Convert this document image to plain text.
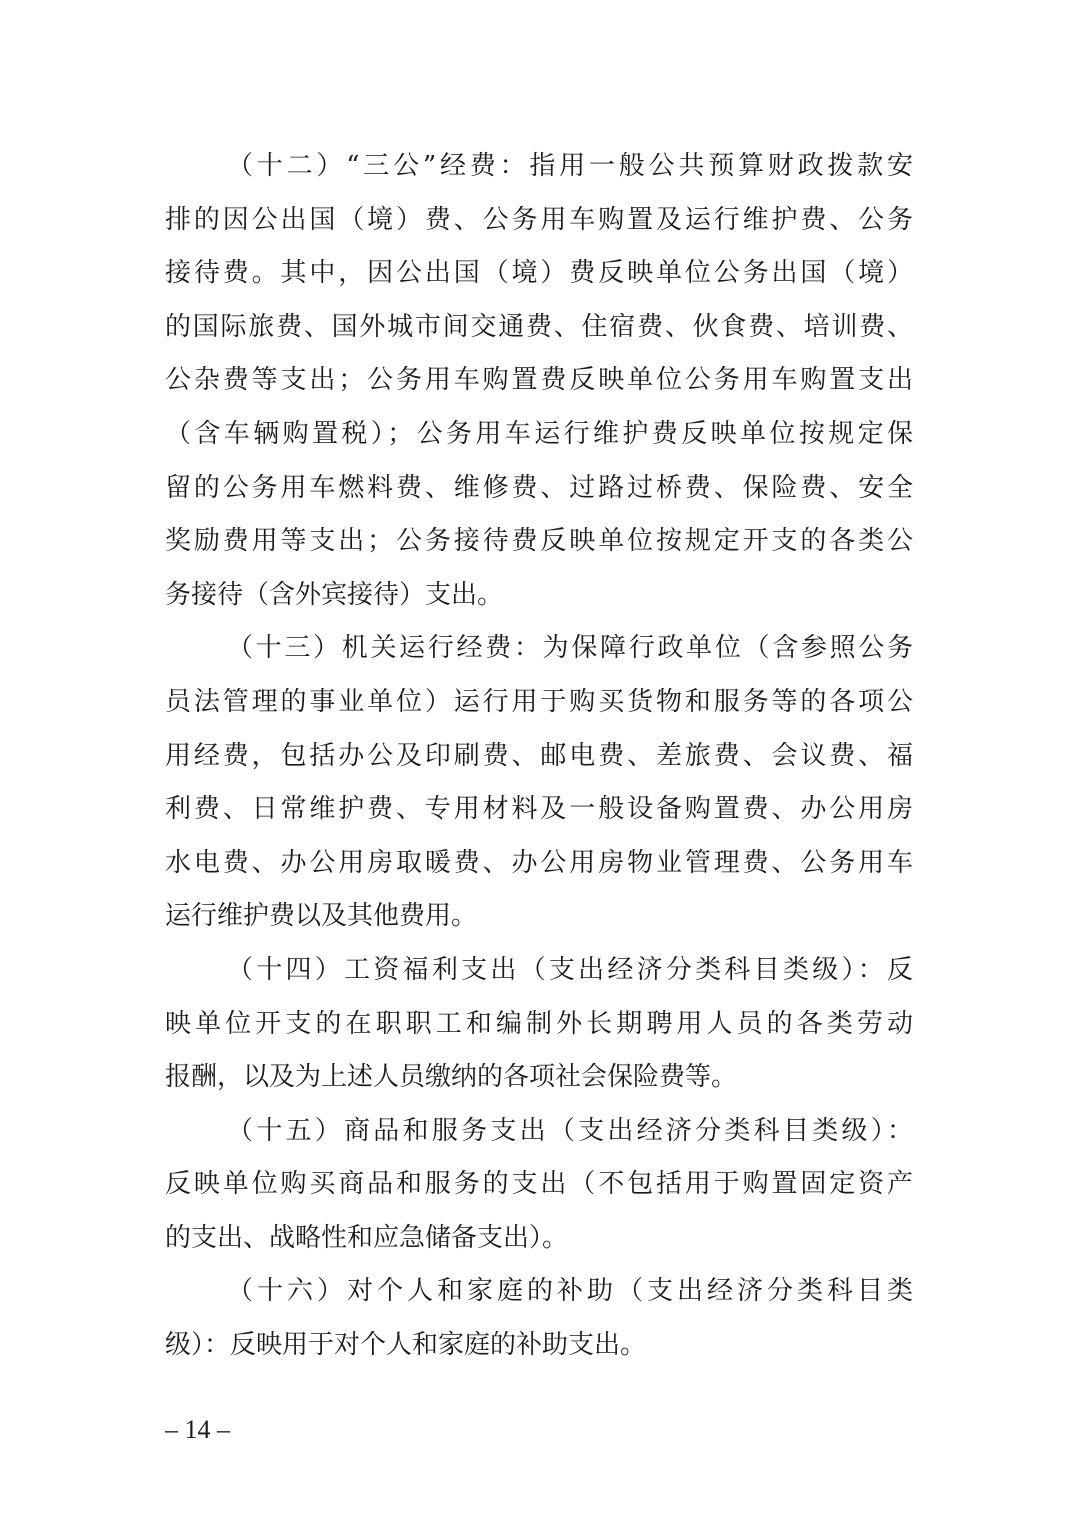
（十二）“三公”经费：指用一般公共预算财政拨款安
排的因公出国（境）费、公务用车购置及运行维护费、公务
接待费。其中，因公出国（境）费反映单位公务出国（境）
的国际旅费、国外城市间交通费、住宿费、伙食费、培训费、
公杂费等支出；公务用车购置费反映单位公务用车购置支出
（含车辆购置税）；公务用车运行维护费反映单位按规定保
留的公务用车燃料费、维修费、过路过桥费、保险费、安全
奖励费用等支出；公务接待费反映单位按规定开支的各类公
务接待（含外宾接待）支出。
（十三）机关运行经费：为保障行政单位（含参照公务
员法管理的事业单位）运行用于购买货物和服务等的各项公
用经费，包括办公及印刷费、邮电费、差旅费、会议费、福
利费、日常维护费、专用材料及一般设备购置费、办公用房
水电费、办公用房取暖费、办公用房物业管理费、公务用车
运行维护费以及其他费用。
（十四）工资福利支出（支出经济分类科目类级）：反
映单位开支的在职职工和编制外长期聘用人员的各类劳动
报酬，以及为上述人员缴纳的各项社会保险费等。
（十五）商品和服务支出（支出经济分类科目类级）：
反映单位购买商品和服务的支出（不包括用于购置固定资产
的支出、战略性和应急储备支出）。
（十六）对个人和家庭的补助（支出经济分类科目类
级）：反映用于对个人和家庭的补助支出。
– 14 –
